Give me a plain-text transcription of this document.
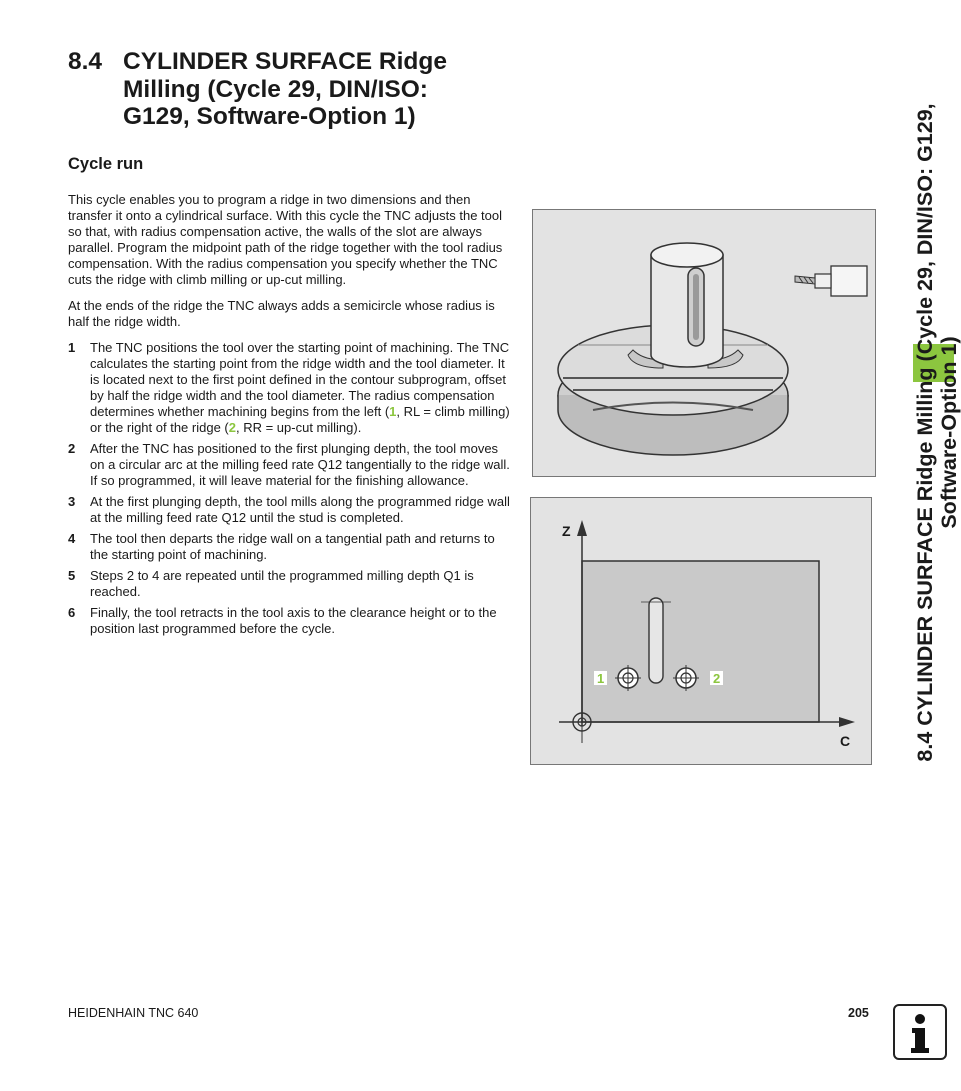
8.4 CYLINDER SURFACE Ridge Milling (Cycle 29, DIN/ISO: G129, Software-Option 1)
Cycle run

This cycle enables you to program a ridge in two dimensions and then transfer it onto a cylindrical surface. With this cycle the TNC adjusts the tool so that, with radius compensation active, the walls of the slot are always parallel. Program the midpoint path of the ridge together with the tool radius compensation. With the radius compensation you specify whether the TNC cuts the ridge with climb milling or up-cut milling.

At the ends of the ridge the TNC always adds a semicircle whose radius is half the ridge width.

1 The TNC positions the tool over the starting point of machining. The TNC calculates the starting point from the ridge width and the tool diameter. It is located next to the first point defined in the contour subprogram, offset by half the ridge width and the tool diameter. The radius compensation determines whether machining begins from the left (1, RL = climb milling) or the right of the ridge (2, RR = up-cut milling).
2 After the TNC has positioned to the first plunging depth, the tool moves on a circular arc at the milling feed rate Q12 tangentially to the ridge wall. If so programmed, it will leave material for the finishing allowance.
3 At the first plunging depth, the tool mills along the programmed ridge wall at the milling feed rate Q12 until the stud is completed.
4 The tool then departs the ridge wall on a tangential path and returns to the starting point of machining.
5 Steps 2 to 4 are repeated until the programmed milling depth Q1 is reached.
6 Finally, the tool retracts in the tool axis to the clearance height or to the position last programmed before the cycle.
Z
C
1	2	8.4 CYLINDER SURFACE Ridge Milling (Cycle 29, DIN/ISO: G129, Software-Option 1)
HEIDENHAIN TNC 640	205
